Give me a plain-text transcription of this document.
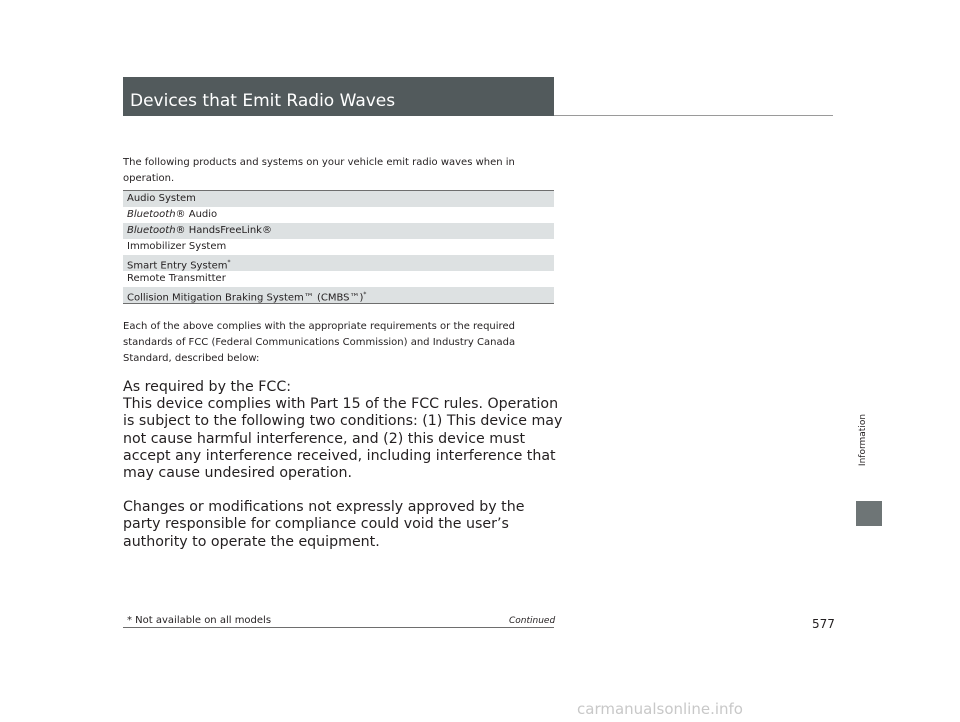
Devices that Emit Radio Waves
The following products and systems on your vehicle emit radio waves when in operation.
Audio System
Bluetooth® Audio
Bluetooth® HandsFreeLink®
Immobilizer System
Smart Entry System*
Remote Transmitter
Collision Mitigation Braking System™ (CMBS™)*
Each of the above complies with the appropriate requirements or the required standards of FCC (Federal Communications Commission) and Industry Canada Standard, described below:

As required by the FCC:

This device complies with Part 15 of the FCC rules. Operation is subject to the following two conditions: (1) This device may not cause harmful interference, and (2) this device must accept any interference received, including interference that may cause undesired operation.

Changes or modifications not expressly approved by the party responsible for compliance could void the user’s authority to operate the equipment.

Information
* Not available on all models	Continued	577
carmanualsonline.info
